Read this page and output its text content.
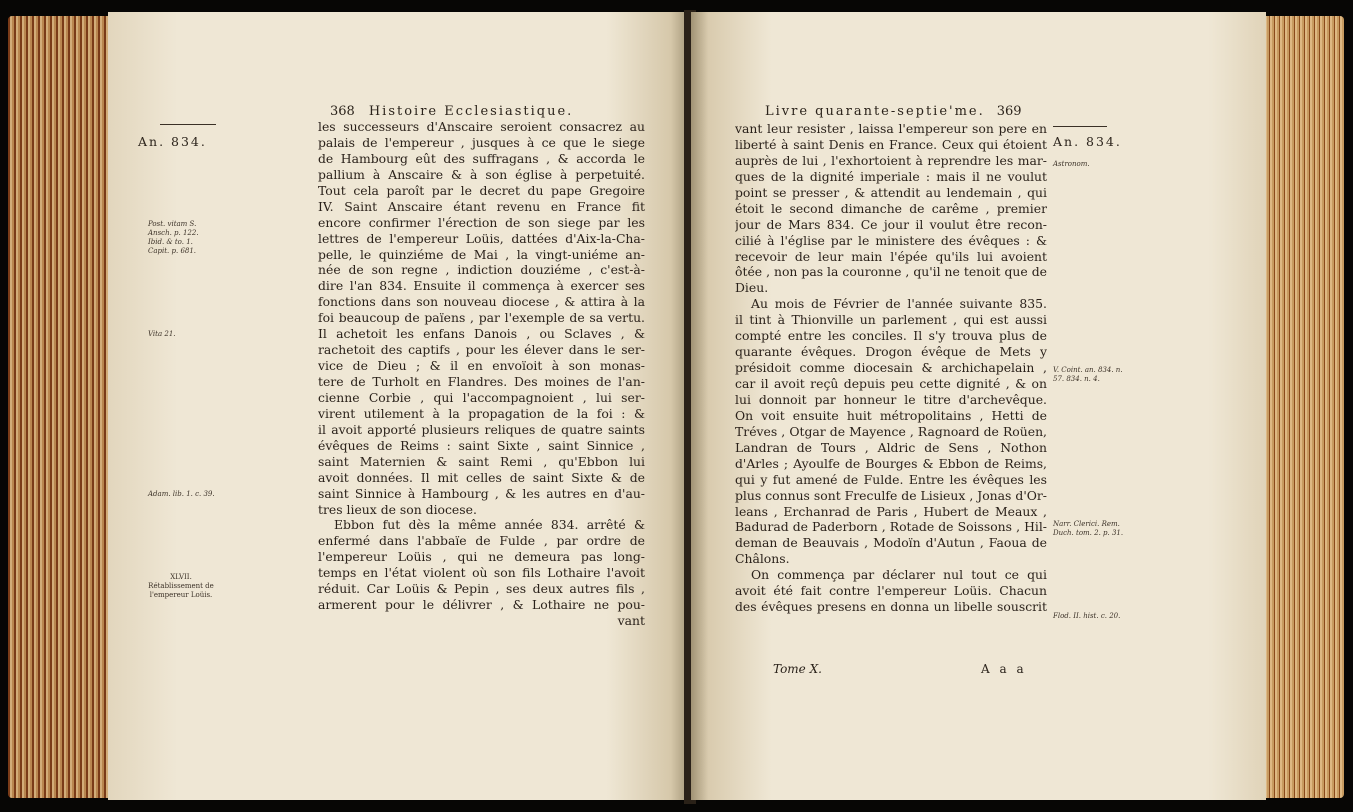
368 Histoire Ecclesiastique.
An. 834.
Post. vitam S. Ansch. p. 122. Ibid. & to. 1. Capit. p. 681.
Vita 21.
Adam. lib. 1. c. 39.
XLVII. Rétablissement de l'empereur Loüis.
les successeurs d'Anscaire seroient consacrez au
palais de l'empereur , jusques à ce que le siege
de Hambourg eût des suffragans , & accorda le
pallium à Anscaire & à son église à perpetuité.
Tout cela paroît par le decret du pape Gregoire
IV. Saint Anscaire étant revenu en France fit
encore confirmer l'érection de son siege par les
lettres de l'empereur Loüis, dattées d'Aix-la-Cha-
pelle, le quinziéme de Mai , la vingt-uniéme an-
née de son regne , indiction douziéme , c'est-à-
dire l'an 834. Ensuite il commença à exercer ses
fonctions dans son nouveau diocese , & attira à la
foi beaucoup de païens , par l'exemple de sa vertu.
Il achetoit les enfans Danois , ou Sclaves , &
rachetoit des captifs , pour les élever dans le ser-
vice de Dieu ; & il en envoïoit à son monas-
tere de Turholt en Flandres. Des moines de l'an-
cienne Corbie , qui l'accompagnoient , lui ser-
virent utilement à la propagation de la foi : &
il avoit apporté plusieurs reliques de quatre saints
évêques de Reims : saint Sixte , saint Sinnice ,
saint Maternien & saint Remi , qu'Ebbon lui
avoit données. Il mit celles de saint Sixte & de
saint Sinnice à Hambourg , & les autres en d'au-
tres lieux de son diocese.
Ebbon fut dès la même année 834. arrêté &
enfermé dans l'abbaïe de Fulde , par ordre de
l'empereur Loüis , qui ne demeura pas long-
temps en l'état violent où son fils Lothaire l'avoit
réduit. Car Loüis & Pepin , ses deux autres fils ,
armerent pour le délivrer , & Lothaire ne pou-
vant
Livre quarante-septie'me. 369
An. 834.
Astronom.
V. Coint. an. 834. n. 57. 834. n. 4.
Narr. Clerici. Rem. Duch. tom. 2. p. 31.
Flod. II. hist. c. 20.
vant leur resister , laissa l'empereur son pere en
liberté à saint Denis en France. Ceux qui étoient
auprès de lui , l'exhortoient à reprendre les mar-
ques de la dignité imperiale : mais il ne voulut
point se presser , & attendit au lendemain , qui
étoit le second dimanche de carême , premier
jour de Mars 834. Ce jour il voulut être recon-
cilié à l'église par le ministere des évêques : &
recevoir de leur main l'épée qu'ils lui avoient
ôtée , non pas la couronne , qu'il ne tenoit que de
Dieu.
Au mois de Février de l'année suivante 835.
il tint à Thionville un parlement , qui est aussi
compté entre les conciles. Il s'y trouva plus de
quarante évêques. Drogon évêque de Mets y
présidoit comme diocesain & archichapelain ,
car il avoit reçû depuis peu cette dignité , & on
lui donnoit par honneur le titre d'archevêque.
On voit ensuite huit métropolitains , Hetti de
Tréves , Otgar de Mayence , Ragnoard de Roüen,
Landran de Tours , Aldric de Sens , Nothon
d'Arles ; Ayoulfe de Bourges & Ebbon de Reims,
qui y fut amené de Fulde. Entre les évêques les
plus connus sont Freculfe de Lisieux , Jonas d'Or-
leans , Erchanrad de Paris , Hubert de Meaux ,
Badurad de Paderborn , Rotade de Soissons , Hil-
deman de Beauvais , Modoïn d'Autun , Faoua de
Châlons.
On commença par déclarer nul tout ce qui
avoit été fait contre l'empereur Loüis. Chacun
des évêques presens en donna un libelle souscrit
Tome X.	A a a
